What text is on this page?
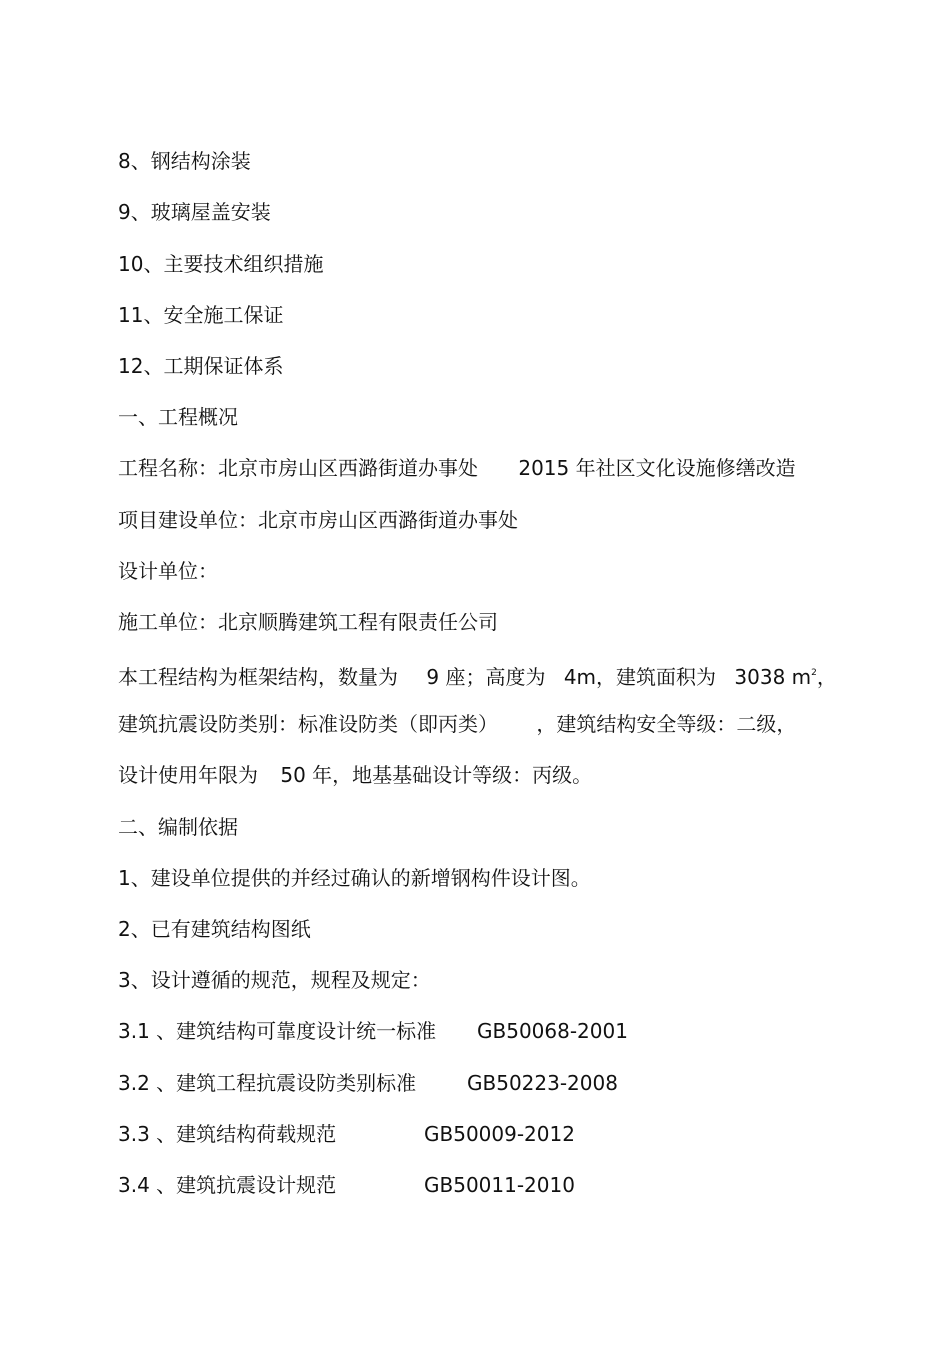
8、钢结构涂装
9、玻璃屋盖安装
10、主要技术组织措施
11、安全施工保证
12、工期保证体系
一、工程概况
工程名称：北京市房山区西潞街道办事处 2015 年社区文化设施修缮改造
项目建设单位：北京市房山区西潞街道办事处
设计单位：
施工单位：北京顺腾建筑工程有限责任公司
本工程结构为框架结构，数量为 9 座；高度为 4m，建筑面积为 3038 $m^2$，
建筑抗震设防类别：标准设防类（即丙类） ，建筑结构安全等级：二级，
设计使用年限为 50 年，地基基础设计等级：丙级。
二、编制依据
1、建设单位提供的并经过确认的新增钢构件设计图。
2、已有建筑结构图纸
3、设计遵循的规范，规程及规定：
3.1 、建筑结构可靠度设计统一标准 GB50068-2001
3.2 、建筑工程抗震设防类别标准	GB50223-2008
3.3 、建筑结构荷载规范	GB50009-2012
3.4 、建筑抗震设计规范	GB50011-2010
